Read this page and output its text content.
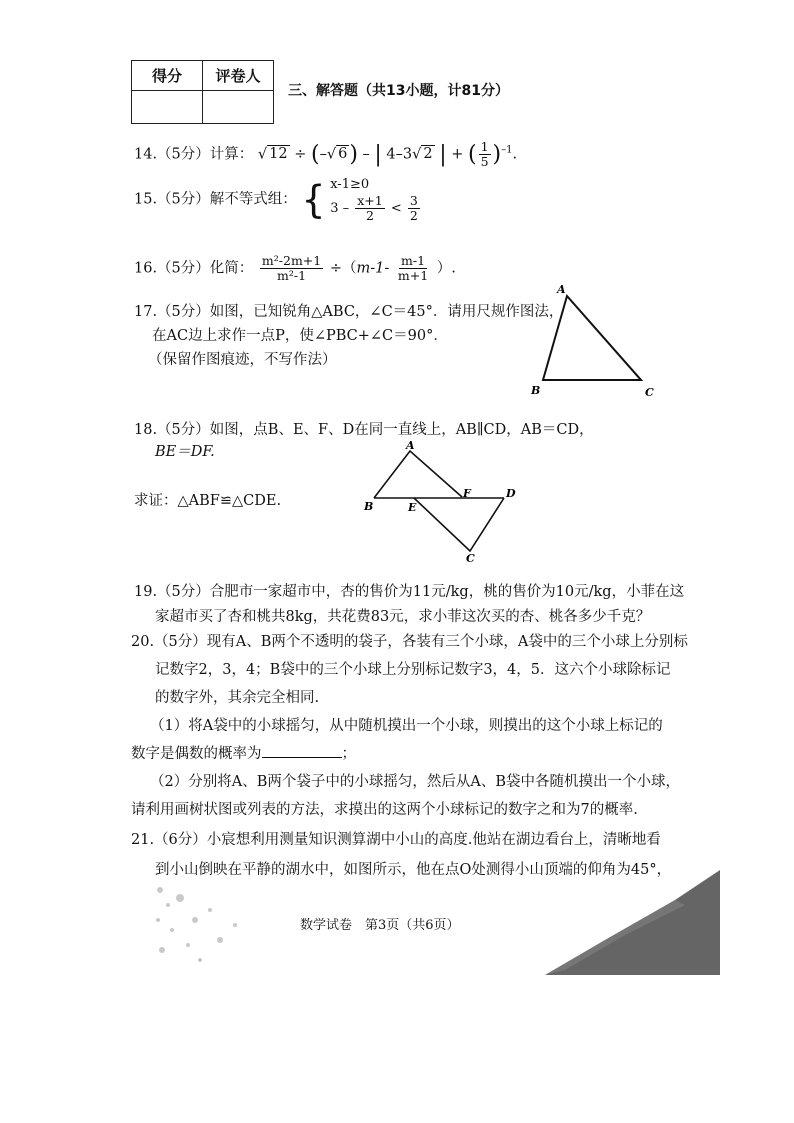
得分	评卷人

三、解答题（共13小题，计81分）
14.（5分）计算： √ 12 ÷ (–√ 6) – | 4–3√ 2 | + ( $\frac{1}{5} )^{-1}$.
15.（5分）解不等式组： { x-1≥0
$3 - \frac{x+1}{2} < \frac{3}{2}$
16.（5分）化简： $\frac{\text{m²-2m+1}}{\text{m²-1}} \div(m-1- \frac{m-1}{m+1}$ ）.
17.（5分）如图，已知锐角△ABC，∠C＝45°．请用尺规作图法，
在AC边上求作一点P，使∠PBC+∠C＝90°．
（保留作图痕迹，不写作法）
A
B	C
18.（5分）如图，点B、E、F、D在同一直线上，AB∥CD，AB＝CD，
BE＝DF.
求证：△ABF≌△CDE.
A
B	E
F	D
C
19.（5分）合肥市一家超市中，杏的售价为11元/kg，桃的售价为10元/kg，小菲在这
家超市买了杏和桃共8kg，共花费83元，求小菲这次买的杏、桃各多少千克？
20.（5分）现有A、B两个不透明的袋子，各装有三个小球，A袋中的三个小球上分别标
记数字2，3，4；B袋中的三个小球上分别标记数字3，4，5．这六个小球除标记
的数字外，其余完全相同.
（1）将A袋中的小球摇匀，从中随机摸出一个小球，则摸出的这个小球上标记的
数字是偶数的概率为	；
（2）分别将A、B两个袋子中的小球摇匀，然后从A、B袋中各随机摸出一个小球，
请利用画树状图或列表的方法，求摸出的这两个小球标记的数字之和为7的概率.
21.（6分）小宸想利用测量知识测算湖中小山的高度.他站在湖边看台上，清晰地看
到小山倒映在平静的湖水中，如图所示，他在点O处测得小山顶端的仰角为45°，
数学试卷　第3页（共6页）
